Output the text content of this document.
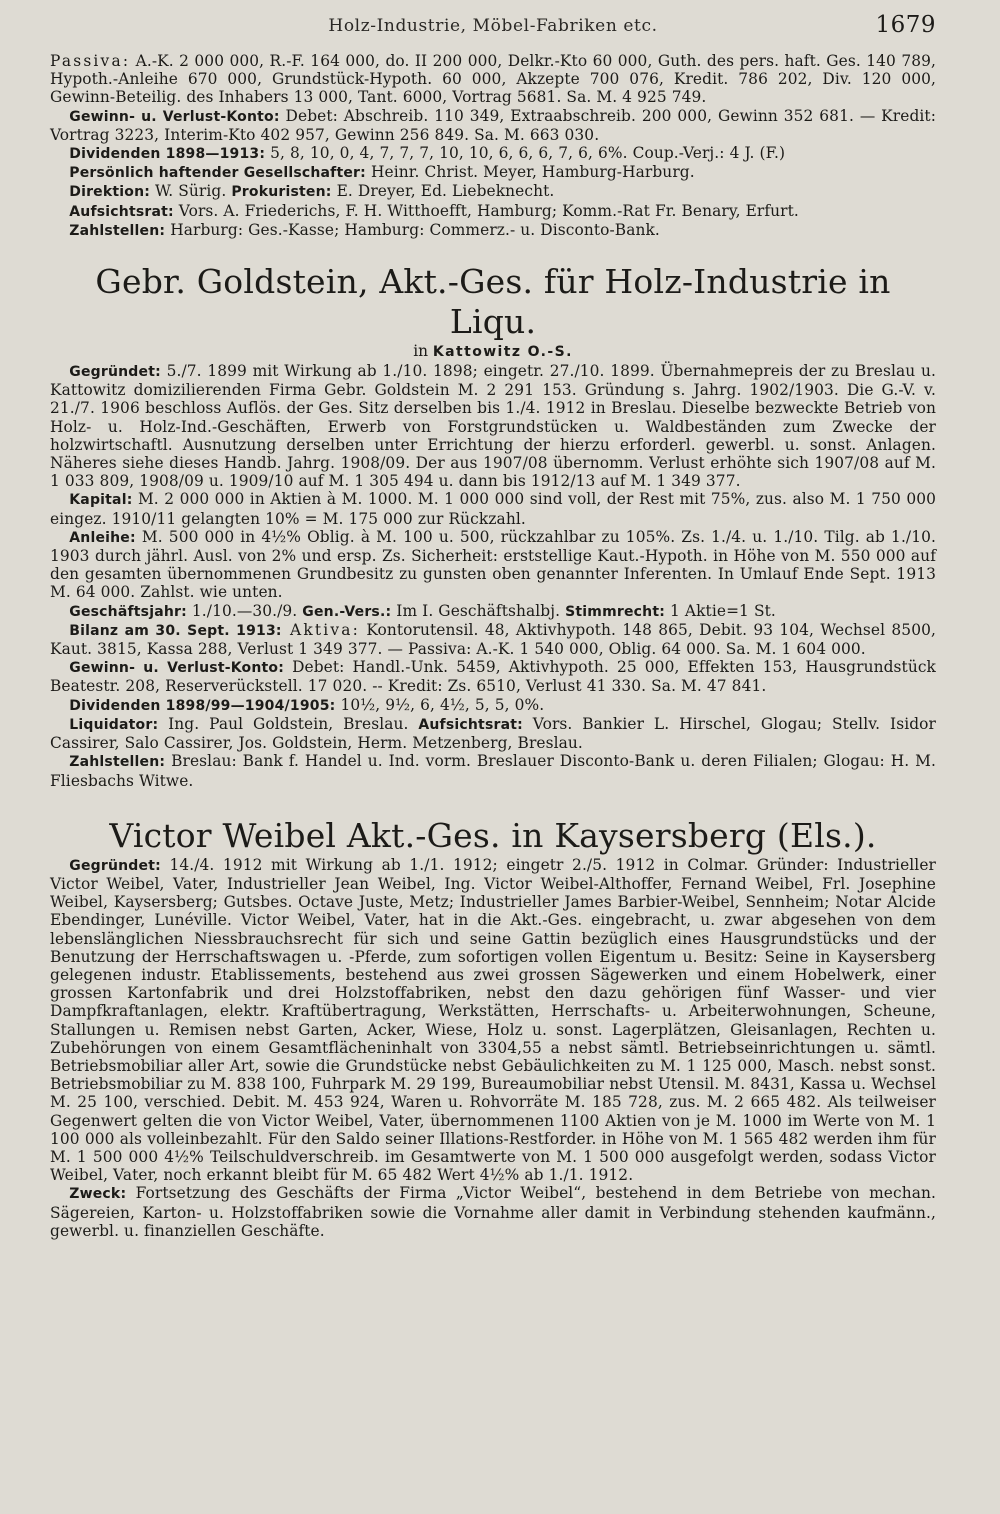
Holz-Industrie, Möbel-Fabriken etc.	1679

Passiva: A.-K. 2 000 000, R.-F. 164 000, do. II 200 000, Delkr.-Kto 60 000, Guth. des pers. haft. Ges. 140 789, Hypoth.-Anleihe 670 000, Grundstück-Hypoth. 60 000, Akzepte 700 076, Kredit. 786 202, Div. 120 000, Gewinn-Beteilig. des Inhabers 13 000, Tant. 6000, Vortrag 5681. Sa. M. 4 925 749.

Gewinn- u. Verlust-Konto: Debet: Abschreib. 110 349, Extraabschreib. 200 000, Gewinn 352 681. — Kredit: Vortrag 3223, Interim-Kto 402 957, Gewinn 256 849. Sa. M. 663 030.

Dividenden 1898—1913: 5, 8, 10, 0, 4, 7, 7, 7, 10, 10, 6, 6, 6, 7, 6, 6%. Coup.-Verj.: 4 J. (F.)

Persönlich haftender Gesellschafter: Heinr. Christ. Meyer, Hamburg-Harburg.

Direktion: W. Sürig. Prokuristen: E. Dreyer, Ed. Liebeknecht.

Aufsichtsrat: Vors. A. Friederichs, F. H. Witthoefft, Hamburg; Komm.-Rat Fr. Benary, Erfurt.

Zahlstellen: Harburg: Ges.-Kasse; Hamburg: Commerz.- u. Disconto-Bank.

Gebr. Goldstein, Akt.-Ges. für Holz-Industrie in Liqu.

in Kattowitz O.-S.

Gegründet: 5./7. 1899 mit Wirkung ab 1./10. 1898; eingetr. 27./10. 1899. Übernahmepreis der zu Breslau u. Kattowitz domizilierenden Firma Gebr. Goldstein M. 2 291 153. Gründung s. Jahrg. 1902/1903. Die G.-V. v. 21./7. 1906 beschloss Auflös. der Ges. Sitz derselben bis 1./4. 1912 in Breslau. Dieselbe bezweckte Betrieb von Holz- u. Holz-Ind.-Geschäften, Erwerb von Forstgrundstücken u. Waldbeständen zum Zwecke der holzwirtschaftl. Ausnutzung derselben unter Errichtung der hierzu erforderl. gewerbl. u. sonst. Anlagen. Näheres siehe dieses Handb. Jahrg. 1908/09. Der aus 1907/08 übernomm. Verlust erhöhte sich 1907/08 auf M. 1 033 809, 1908/09 u. 1909/10 auf M. 1 305 494 u. dann bis 1912/13 auf M. 1 349 377.

Kapital: M. 2 000 000 in Aktien à M. 1000. M. 1 000 000 sind voll, der Rest mit 75%, zus. also M. 1 750 000 eingez. 1910/11 gelangten 10% = M. 175 000 zur Rückzahl.

Anleihe: M. 500 000 in 4½% Oblig. à M. 100 u. 500, rückzahlbar zu 105%. Zs. 1./4. u. 1./10. Tilg. ab 1./10. 1903 durch jährl. Ausl. von 2% und ersp. Zs. Sicherheit: erststellige Kaut.-Hypoth. in Höhe von M. 550 000 auf den gesamten übernommenen Grundbesitz zu gunsten oben genannter Inferenten. In Umlauf Ende Sept. 1913 M. 64 000. Zahlst. wie unten.

Geschäftsjahr: 1./10.—30./9. Gen.-Vers.: Im I. Geschäftshalbj. Stimmrecht: 1 Aktie=1 St.

Bilanz am 30. Sept. 1913: Aktiva: Kontorutensil. 48, Aktivhypoth. 148 865, Debit. 93 104, Wechsel 8500, Kaut. 3815, Kassa 288, Verlust 1 349 377. — Passiva: A.-K. 1 540 000, Oblig. 64 000. Sa. M. 1 604 000.

Gewinn- u. Verlust-Konto: Debet: Handl.-Unk. 5459, Aktivhypoth. 25 000, Effekten 153, Hausgrundstück Beatestr. 208, Reserverückstell. 17 020. -- Kredit: Zs. 6510, Verlust 41 330. Sa. M. 47 841.

Dividenden 1898/99—1904/1905: 10½, 9½, 6, 4½, 5, 5, 0%.

Liquidator: Ing. Paul Goldstein, Breslau. Aufsichtsrat: Vors. Bankier L. Hirschel, Glogau; Stellv. Isidor Cassirer, Salo Cassirer, Jos. Goldstein, Herm. Metzenberg, Breslau.

Zahlstellen: Breslau: Bank f. Handel u. Ind. vorm. Breslauer Disconto-Bank u. deren Filialen; Glogau: H. M. Fliesbachs Witwe.

Victor Weibel Akt.-Ges. in Kaysersberg (Els.).

Gegründet: 14./4. 1912 mit Wirkung ab 1./1. 1912; eingetr 2./5. 1912 in Colmar. Gründer: Industrieller Victor Weibel, Vater, Industrieller Jean Weibel, Ing. Victor Weibel-Althoffer, Fernand Weibel, Frl. Josephine Weibel, Kaysersberg; Gutsbes. Octave Juste, Metz; Industrieller James Barbier-Weibel, Sennheim; Notar Alcide Ebendinger, Lunéville. Victor Weibel, Vater, hat in die Akt.-Ges. eingebracht, u. zwar abgesehen von dem lebenslänglichen Niessbrauchsrecht für sich und seine Gattin bezüglich eines Hausgrundstücks und der Benutzung der Herrschaftswagen u. -Pferde, zum sofortigen vollen Eigentum u. Besitz: Seine in Kaysersberg gelegenen industr. Etablissements, bestehend aus zwei grossen Sägewerken und einem Hobelwerk, einer grossen Kartonfabrik und drei Holzstoffabriken, nebst den dazu gehörigen fünf Wasser- und vier Dampfkraftanlagen, elektr. Kraftübertragung, Werkstätten, Herrschafts- u. Arbeiterwohnungen, Scheune, Stallungen u. Remisen nebst Garten, Acker, Wiese, Holz u. sonst. Lagerplätzen, Gleisanlagen, Rechten u. Zubehörungen von einem Gesamtflächeninhalt von 3304,55 a nebst sämtl. Betriebseinrichtungen u. sämtl. Betriebsmobiliar aller Art, sowie die Grundstücke nebst Gebäulichkeiten zu M. 1 125 000, Masch. nebst sonst. Betriebsmobiliar zu M. 838 100, Fuhrpark M. 29 199, Bureaumobiliar nebst Utensil. M. 8431, Kassa u. Wechsel M. 25 100, verschied. Debit. M. 453 924, Waren u. Rohvorräte M. 185 728, zus. M. 2 665 482. Als teilweiser Gegenwert gelten die von Victor Weibel, Vater, übernommenen 1100 Aktien von je M. 1000 im Werte von M. 1 100 000 als volleinbezahlt. Für den Saldo seiner Illations-Restforder. in Höhe von M. 1 565 482 werden ihm für M. 1 500 000 4½% Teilschuldverschreib. im Gesamtwerte von M. 1 500 000 ausgefolgt werden, sodass Victor Weibel, Vater, noch erkannt bleibt für M. 65 482 Wert 4½% ab 1./1. 1912.

Zweck: Fortsetzung des Geschäfts der Firma „Victor Weibel“, bestehend in dem Betriebe von mechan. Sägereien, Karton- u. Holzstoffabriken sowie die Vornahme aller damit in Verbindung stehenden kaufmänn., gewerbl. u. finanziellen Geschäfte.
